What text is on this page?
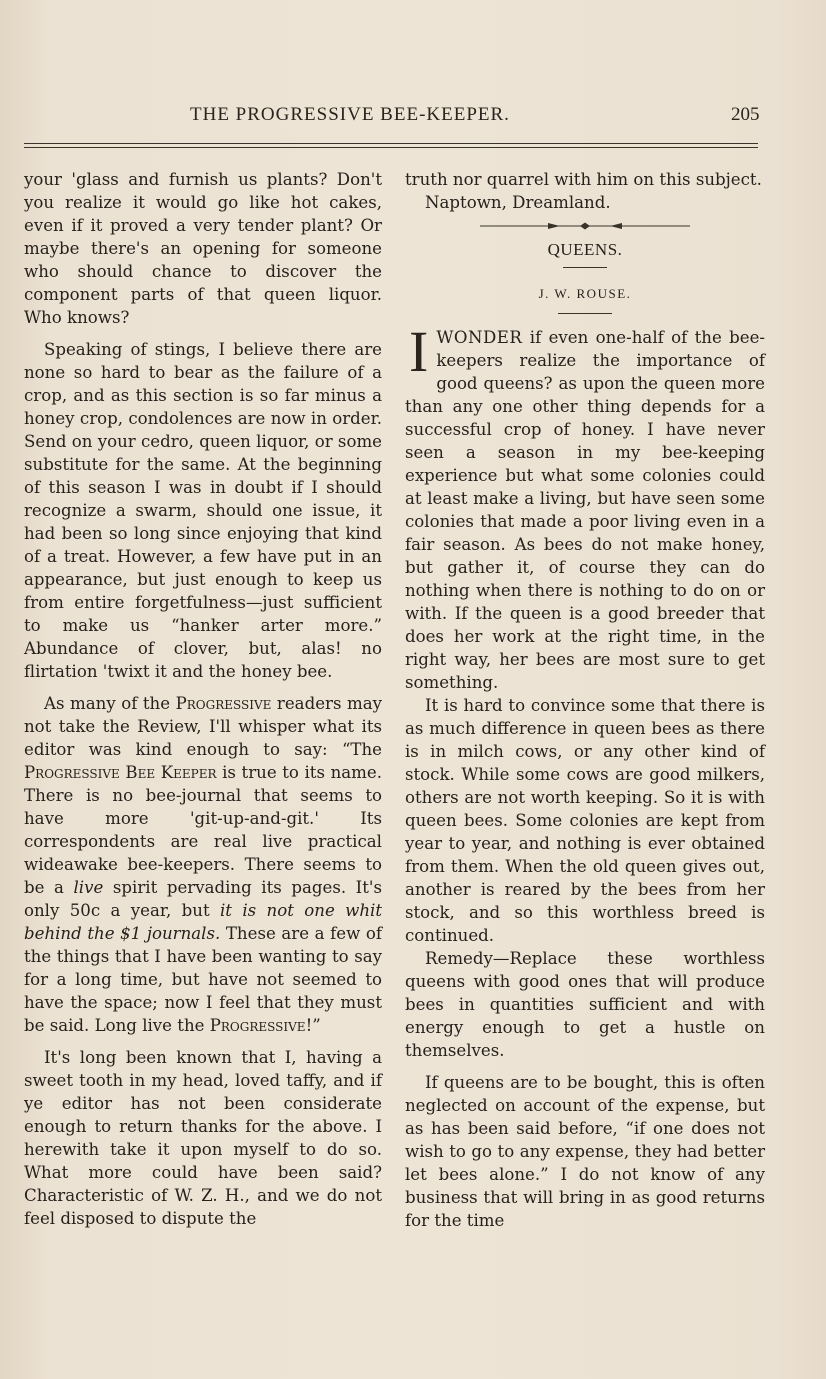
THE PROGRESSIVE BEE-KEEPER.	205

your 'glass and furnish us plants? Don't you realize it would go like hot cakes, even if it proved a very tender plant? Or maybe there's an opening for someone who should chance to discover the component parts of that queen liquor. Who knows?

Speaking of stings, I believe there are none so hard to bear as the failure of a crop, and as this section is so far minus a honey crop, condolences are now in order. Send on your cedro, queen liquor, or some substitute for the same. At the beginning of this season I was in doubt if I should recognize a swarm, should one issue, it had been so long since enjoying that kind of a treat. However, a few have put in an appearance, but just enough to keep us from entire forgetfulness—just sufficient to make us “hanker arter more.” Abundance of clover, but, alas! no flirtation 'twixt it and the honey bee.

As many of the Progressive readers may not take the Review, I'll whisper what its editor was kind enough to say: “The Progressive Bee Keeper is true to its name. There is no bee-journal that seems to have more 'git-up-and-git.' Its correspondents are real live practical wideawake bee-keepers. There seems to be a live spirit pervading its pages. It's only 50c a year, but it is not one whit behind the $1 journals. These are a few of the things that I have been wanting to say for a long time, but have not seemed to have the space; now I feel that they must be said. Long live the Progressive!”

It's long been known that I, having a sweet tooth in my head, loved taffy, and if ye editor has not been considerate enough to return thanks for the above. I herewith take it upon myself to do so. What more could have been said? Characteristic of W. Z. H., and we do not feel disposed to dispute the

truth nor quarrel with him on this subject.

Naptown, Dreamland.

QUEENS.
J. W. ROUSE.

IWONDER if even one-half of the bee-keepers realize the importance of good queens? as upon the queen more than any one other thing depends for a successful crop of honey. I have never seen a season in my bee-keeping experience but what some colonies could at least make a living, but have seen some colonies that made a poor living even in a fair season. As bees do not make honey, but gather it, of course they can do nothing when there is nothing to do on or with. If the queen is a good breeder that does her work at the right time, in the right way, her bees are most sure to get something.

It is hard to convince some that there is as much difference in queen bees as there is in milch cows, or any other kind of stock. While some cows are good milkers, others are not worth keeping. So it is with queen bees. Some colonies are kept from year to year, and nothing is ever obtained from them. When the old queen gives out, another is reared by the bees from her stock, and so this worthless breed is continued.

Remedy—Replace these worthless queens with good ones that will produce bees in quantities sufficient and with energy enough to get a hustle on themselves.

If queens are to be bought, this is often neglected on account of the expense, but as has been said before, “if one does not wish to go to any expense, they had better let bees alone.” I do not know of any business that will bring in as good returns for the time
